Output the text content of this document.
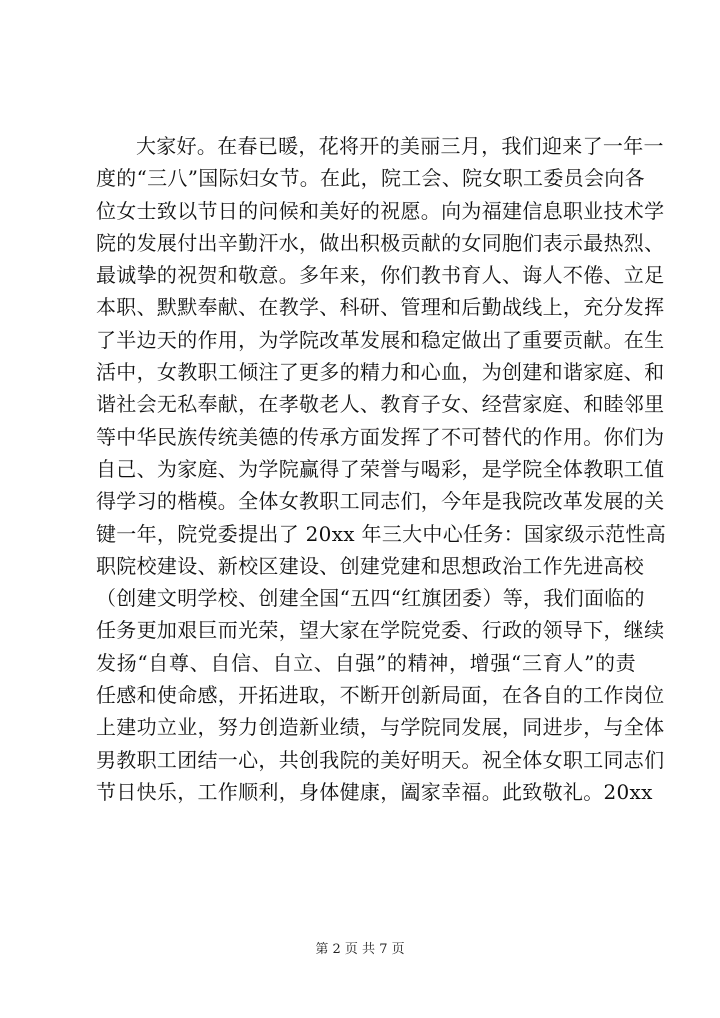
大家好。在春已暖，花将开的美丽三月，我们迎来了一年一
度的“三八”国际妇女节。在此，院工会、院女职工委员会向各
位女士致以节日的问候和美好的祝愿。向为福建信息职业技术学
院的发展付出辛勤汗水，做出积极贡献的女同胞们表示最热烈、
最诚挚的祝贺和敬意。多年来，你们教书育人、诲人不倦、立足
本职、默默奉献、在教学、科研、管理和后勤战线上，充分发挥
了半边天的作用，为学院改革发展和稳定做出了重要贡献。在生
活中，女教职工倾注了更多的精力和心血，为创建和谐家庭、和
谐社会无私奉献，在孝敬老人、教育子女、经营家庭、和睦邻里
等中华民族传统美德的传承方面发挥了不可替代的作用。你们为
自己、为家庭、为学院赢得了荣誉与喝彩，是学院全体教职工值
得学习的楷模。全体女教职工同志们，今年是我院改革发展的关
键一年，院党委提出了 20xx 年三大中心任务：国家级示范性高
职院校建设、新校区建设、创建党建和思想政治工作先进高校
（创建文明学校、创建全国“五四“红旗团委）等，我们面临的
任务更加艰巨而光荣，望大家在学院党委、行政的领导下，继续
发扬“自尊、自信、自立、自强”的精神，增强“三育人”的责
任感和使命感，开拓进取，不断开创新局面，在各自的工作岗位
上建功立业，努力创造新业绩，与学院同发展，同进步，与全体
男教职工团结一心，共创我院的美好明天。祝全体女职工同志们
节日快乐，工作顺利，身体健康，阖家幸福。此致敬礼。20xx
第 2 页 共 7 页
